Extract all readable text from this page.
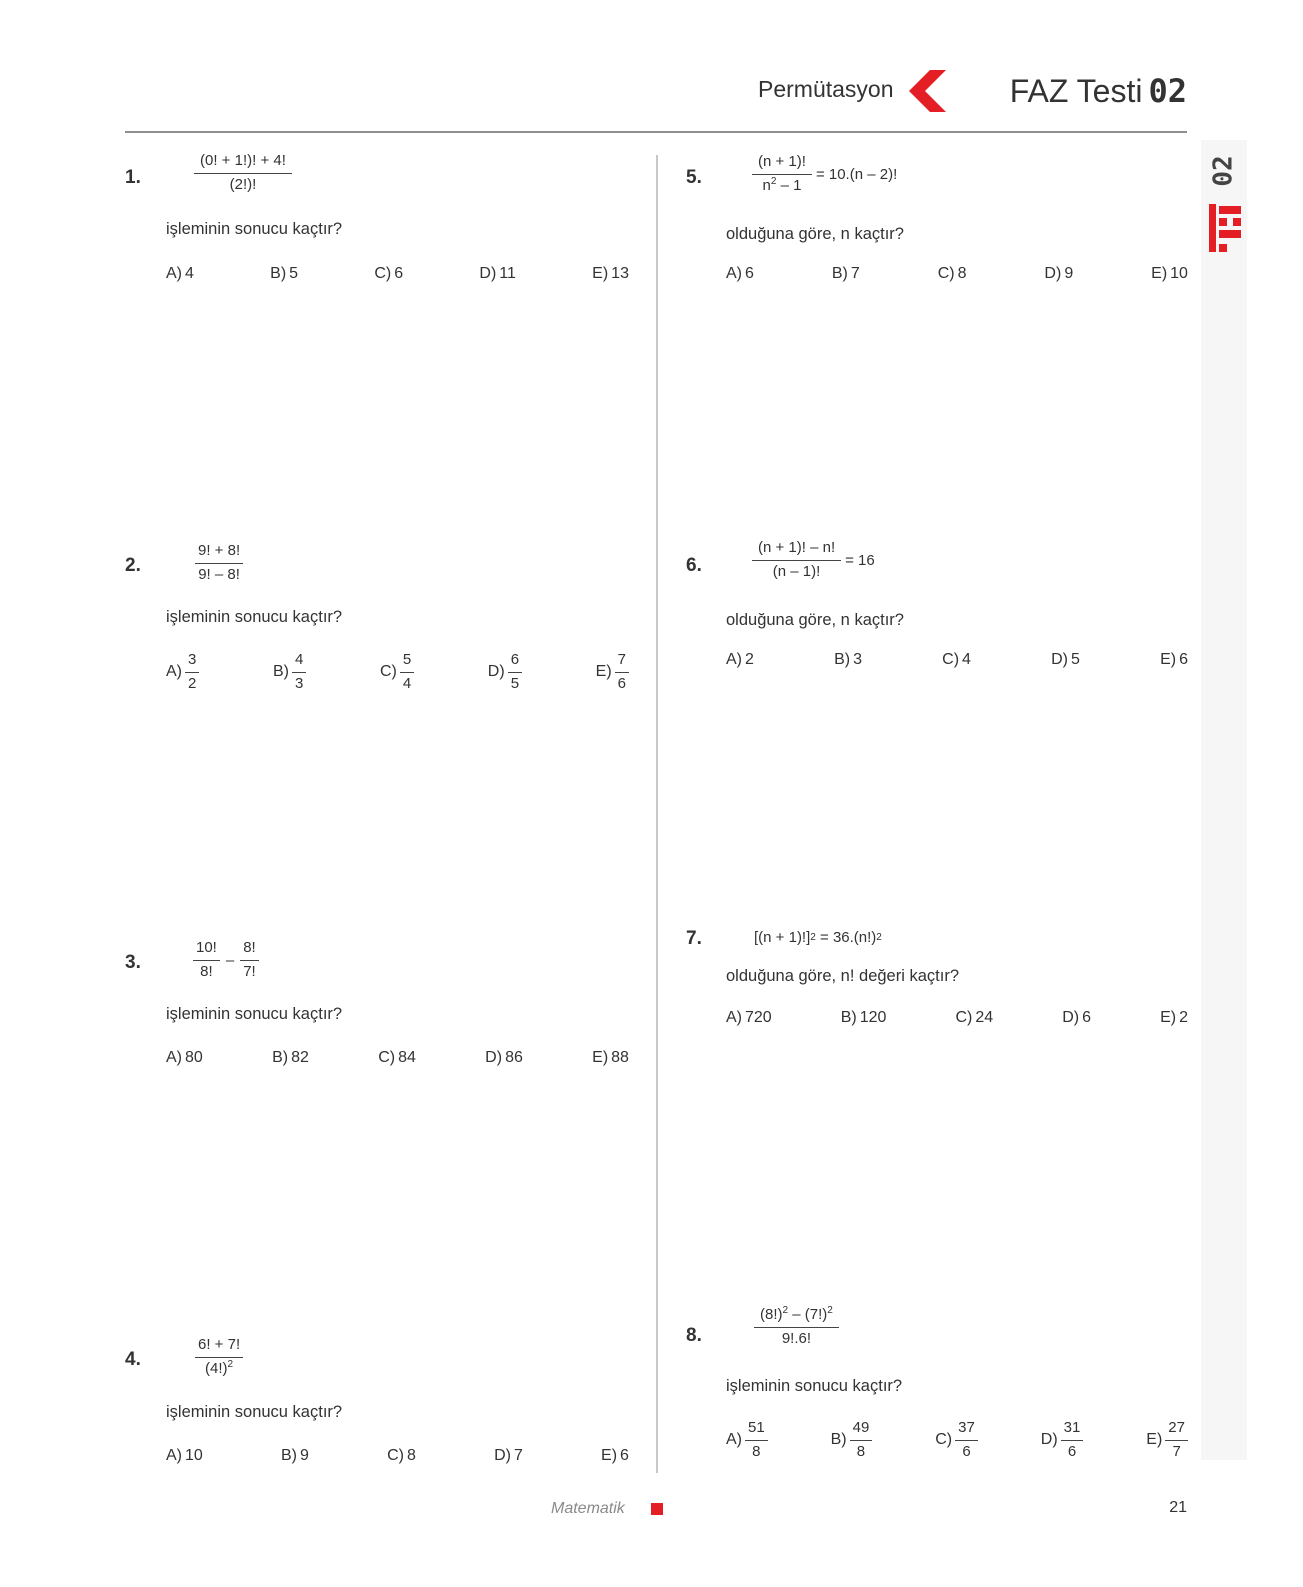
Permütasyon	FAZ Testi 02
02
1.	$\frac{(0! + 1!)! + 4!}{(2!)!}$
işleminin sonucu kaçtır?
A) 4	B) 5	C) 6	D) 11	E) 13
2.	$\frac{9! + 8!}{9! - 8!}$
işleminin sonucu kaçtır?
$A) \frac{3}{2}$	$B) \frac{4}{3}$	$C) \frac{5}{4}$	$D) \frac{6}{5}$	$E) \frac{7}{6}$
3.	$\frac{10!}{8!} - \frac{8!}{7!}$
işleminin sonucu kaçtır?
A) 80	B) 82	C) 84	D) 86	E) 88
4.	$\frac{6! + 7!}{(4!)^2}$
işleminin sonucu kaçtır?
A) 10	B) 9	C) 8	D) 7	E) 6
5.	$\frac{(n + 1)!}{n^2 - 1} = 10.(n - 2)$!
olduğuna göre, n kaçtır?
A) 6	B) 7	C) 8	D) 9	E) 10
6.	$\frac{(n + 1)! - n!}{(n - 1)!} = 16$
olduğuna göre, n kaçtır?
A) 2	B) 3	C) 4	D) 5	E) 6
7.	[(n + 1)!] 2 = 36.(n!) 2
olduğuna göre, n! değeri kaçtır?
A) 720	B) 120	C) 24	D) 6	E) 2
8.	$\frac{(8!)^2 - (7!)^2}{9!.6!}$
işleminin sonucu kaçtır?
$A) \frac{51}{8}$	$B) \frac{49}{8}$	$C) \frac{37}{6}$	$D) \frac{31}{6}$	$E) \frac{27}{7}$
Matematik	21
